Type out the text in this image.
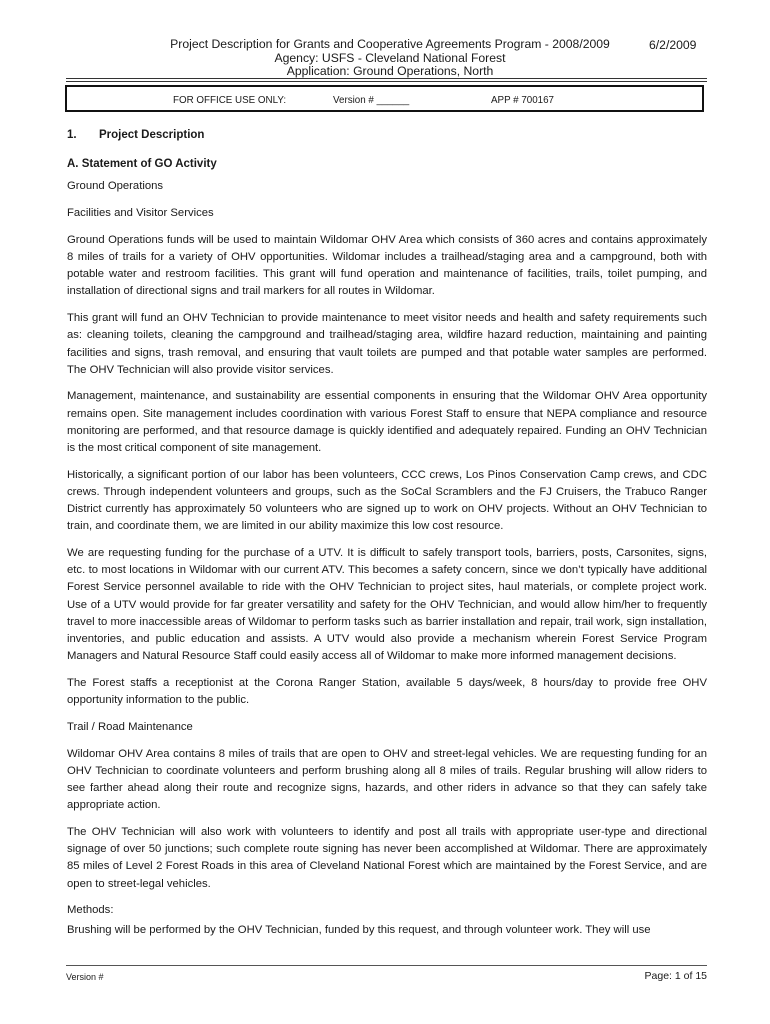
Project Description for Grants and Cooperative Agreements Program - 2008/2009
Agency: USFS - Cleveland National Forest
Application: Ground Operations, North
6/2/2009
FOR OFFICE USE ONLY:	Version # ______	APP # 700167
1. Project Description
A. Statement of GO Activity

Ground Operations

Facilities and Visitor Services

Ground Operations funds will be used to maintain Wildomar OHV Area which consists of 360 acres and contains approximately 8 miles of trails for a variety of OHV opportunities. Wildomar includes a trailhead/staging area and a campground, both with potable water and restroom facilities. This grant will fund operation and maintenance of facilities, trails, toilet pumping, and installation of directional signs and trail markers for all routes in Wildomar.

This grant will fund an OHV Technician to provide maintenance to meet visitor needs and health and safety requirements such as: cleaning toilets, cleaning the campground and trailhead/staging area, wildfire hazard reduction, maintaining and painting facilities and signs, trash removal, and ensuring that vault toilets are pumped and that potable water samples are performed. The OHV Technician will also provide visitor services.

Management, maintenance, and sustainability are essential components in ensuring that the Wildomar OHV Area opportunity remains open. Site management includes coordination with various Forest Staff to ensure that NEPA compliance and resource monitoring are performed, and that resource damage is quickly identified and adequately repaired. Funding an OHV Technician is the most critical component of site management.

Historically, a significant portion of our labor has been volunteers, CCC crews, Los Pinos Conservation Camp crews, and CDC crews. Through independent volunteers and groups, such as the SoCal Scramblers and the FJ Cruisers, the Trabuco Ranger District currently has approximately 50 volunteers who are signed up to work on OHV projects. Without an OHV Technician to train, and coordinate them, we are limited in our ability maximize this low cost resource.

We are requesting funding for the purchase of a UTV. It is difficult to safely transport tools, barriers, posts, Carsonites, signs, etc. to most locations in Wildomar with our current ATV. This becomes a safety concern, since we don’t typically have additional Forest Service personnel available to ride with the OHV Technician to project sites, haul materials, or complete project work. Use of a UTV would provide for far greater versatility and safety for the OHV Technician, and would allow him/her to frequently travel to more inaccessible areas of Wildomar to perform tasks such as barrier installation and repair, trail work, sign installation, inventories, and public education and assists. A UTV would also provide a mechanism wherein Forest Service Program Managers and Natural Resource Staff could easily access all of Wildomar to make more informed management decisions.

The Forest staffs a receptionist at the Corona Ranger Station, available 5 days/week, 8 hours/day to provide free OHV opportunity information to the public.

Trail / Road Maintenance

Wildomar OHV Area contains 8 miles of trails that are open to OHV and street-legal vehicles. We are requesting funding for an OHV Technician to coordinate volunteers and perform brushing along all 8 miles of trails. Regular brushing will allow riders to see farther ahead along their route and recognize signs, hazards, and other riders in advance so that they can safely take appropriate action.

The OHV Technician will also work with volunteers to identify and post all trails with appropriate user-type and directional signage of over 50 junctions; such complete route signing has never been accomplished at Wildomar. There are approximately 85 miles of Level 2 Forest Roads in this area of Cleveland National Forest which are maintained by the Forest Service, and are open to street-legal vehicles.

Methods:

Brushing will be performed by the OHV Technician, funded by this request, and through volunteer work. They will use

Version #	Page: 1 of 15
